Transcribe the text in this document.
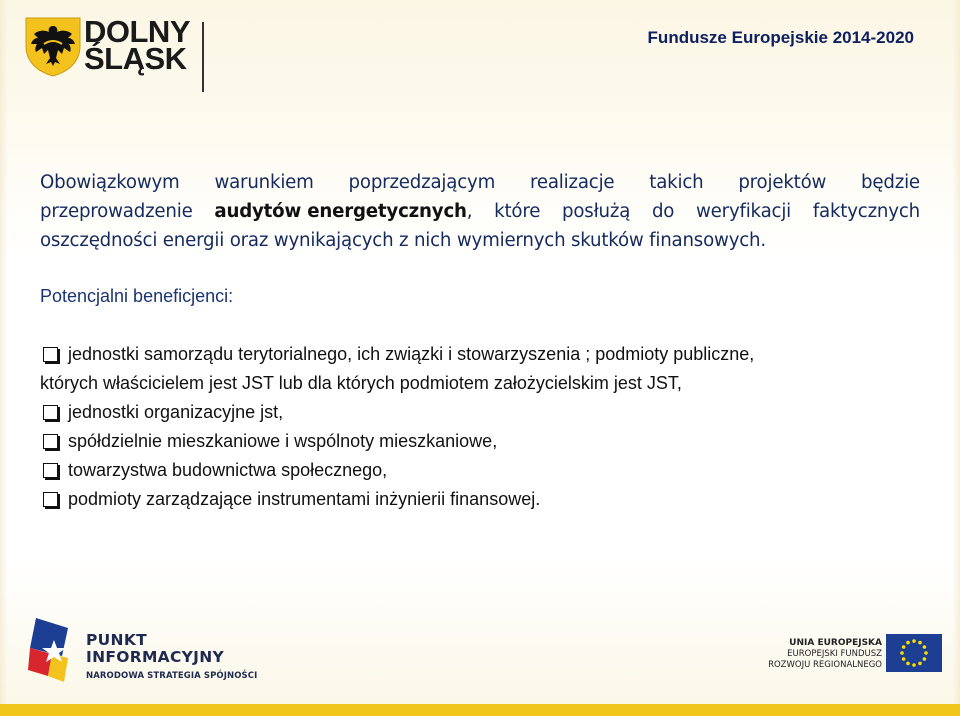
DOLNY
ŚLĄSK
Fundusze Europejskie 2014-2020
Obowiązkowym warunkiem poprzedzającym realizacje takich projektów będzie
przeprowadzenie audytów energetycznych, które posłużą do weryfikacji faktycznych
oszczędności energii oraz wynikających z nich wymiernych skutków finansowych.
Potencjalni beneficjenci:
jednostki samorządu terytorialnego, ich związki i stowarzyszenia ; podmioty publiczne,
których właścicielem jest JST lub dla których podmiotem założycielskim jest JST,
jednostki organizacyjne jst,
spółdzielnie mieszkaniowe i wspólnoty mieszkaniowe,
towarzystwa budownictwa społecznego,
podmioty zarządzające instrumentami inżynierii finansowej.
PUNKT
INFORMACYJNY
NARODOWA STRATEGIA SPÓJNOŚCI
UNIA EUROPEJSKA
EUROPEJSKI FUNDUSZ
ROZWOJU REGIONALNEGO
